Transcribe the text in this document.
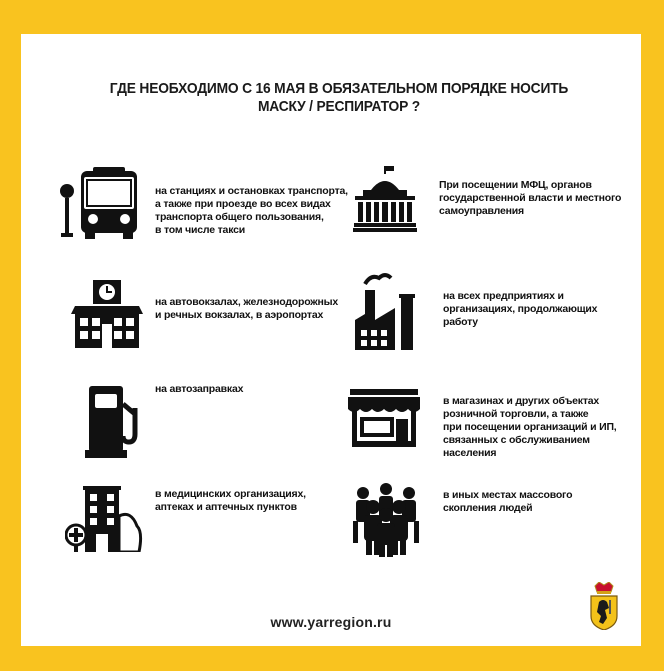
ГДЕ НЕОБХОДИМО С 16 МАЯ В ОБЯЗАТЕЛЬНОМ ПОРЯДКЕ НОСИТЬ
МАСКУ / РЕСПИРАТОР ?
на станциях и остановках транспорта,
а также при проезде во всех видах
транспорта общего пользования,
в том числе такси
При посещении МФЦ, органов
государственной власти и местного
самоуправления
на автовокзалах, железнодорожных
и речных вокзалах, в аэропортах
на всех предприятиях и
организациях, продолжающих
работу
на автозаправках
в магазинах и других объектах
розничной торговли, а также
при посещении организаций и ИП,
связанных с обслуживанием
населения
в медицинских организациях,
аптеках и аптечных пунктов
в иных местах массового
скопления людей
www.yarregion.ru
